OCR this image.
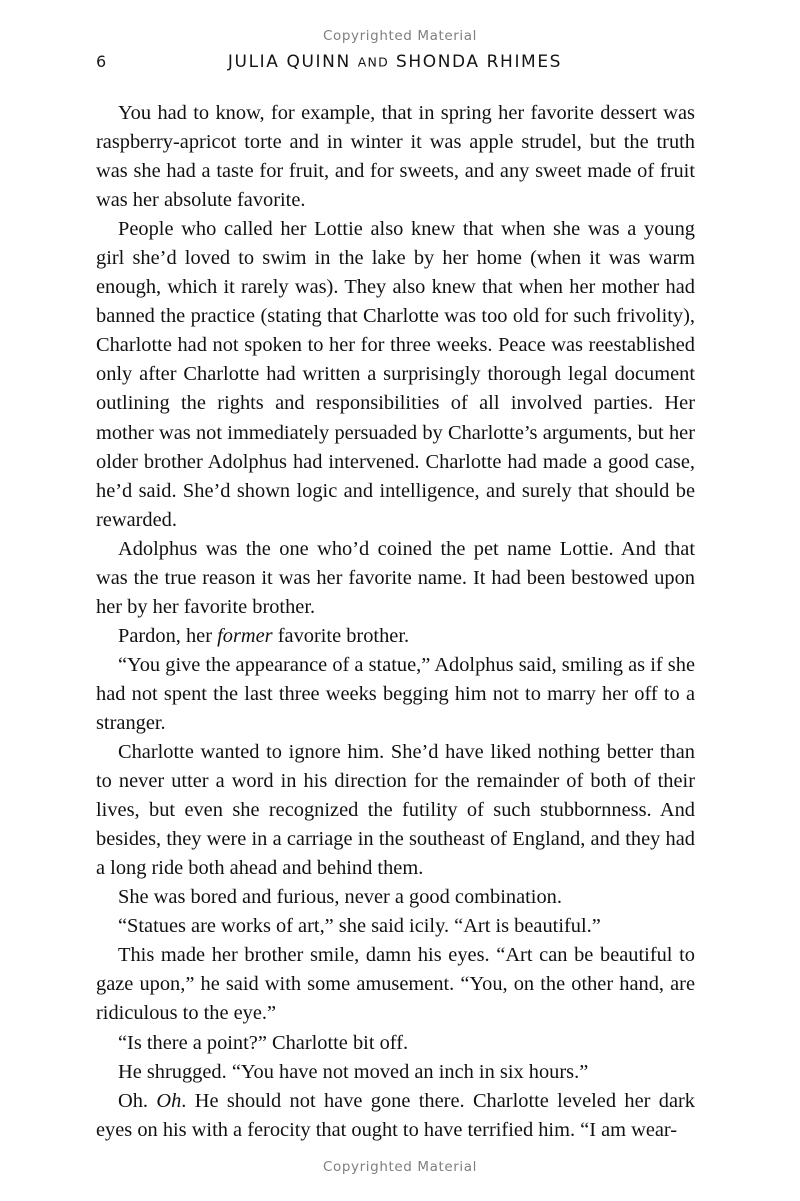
Copyrighted Material
6	JULIA QUINN AND SHONDA RHIMES

You had to know, for example, that in spring her favorite dessert was raspberry-apricot torte and in winter it was apple strudel, but the truth was she had a taste for fruit, and for sweets, and any sweet made of fruit was her absolute favorite.

People who called her Lottie also knew that when she was a young girl she’d loved to swim in the lake by her home (when it was warm enough, which it rarely was). They also knew that when her mother had banned the practice (stating that Charlotte was too old for such frivolity), Charlotte had not spoken to her for three weeks. Peace was reestablished only after Charlotte had written a surprisingly thorough legal document outlining the rights and responsibilities of all involved parties. Her mother was not immediately persuaded by Charlotte’s arguments, but her older brother Adolphus had intervened. Charlotte had made a good case, he’d said. She’d shown logic and intelligence, and surely that should be rewarded.

Adolphus was the one who’d coined the pet name Lottie. And that was the true reason it was her favorite name. It had been bestowed upon her by her favorite brother.

Pardon, her former favorite brother.

“You give the appearance of a statue,” Adolphus said, smiling as if she had not spent the last three weeks begging him not to marry her off to a stranger.

Charlotte wanted to ignore him. She’d have liked nothing better than to never utter a word in his direction for the remainder of both of their lives, but even she recognized the futility of such stubbornness. And besides, they were in a carriage in the southeast of England, and they had a long ride both ahead and behind them.

She was bored and furious, never a good combination.

“Statues are works of art,” she said icily. “Art is beautiful.”

This made her brother smile, damn his eyes. “Art can be beautiful to gaze upon,” he said with some amusement. “You, on the other hand, are ridiculous to the eye.”

“Is there a point?” Charlotte bit off.

He shrugged. “You have not moved an inch in six hours.”

Oh. Oh. He should not have gone there. Charlotte leveled her dark eyes on his with a ferocity that ought to have terrified him. “I am wear-

Copyrighted Material
